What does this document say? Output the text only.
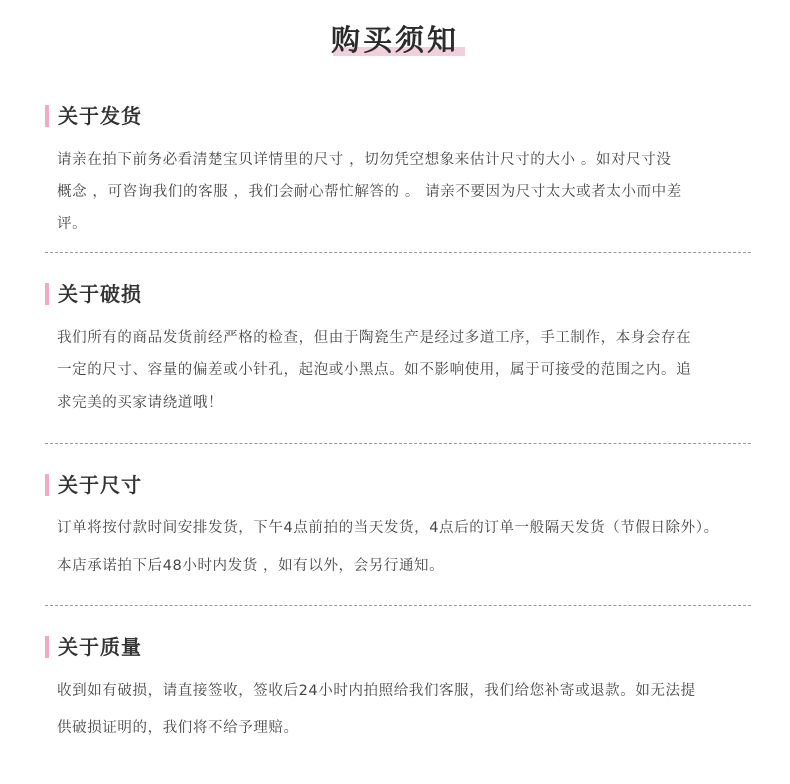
购买须知
关于发货
请亲在拍下前务必看清楚宝贝详情里的尺寸 ，切勿凭空想象来估计尺寸的大小 。如对尺寸没
概念 ，可咨询我们的客服 ，我们会耐心帮忙解答的 。 请亲不要因为尺寸太大或者太小而中差
评。
关于破损
我们所有的商品发货前经严格的检查，但由于陶瓷生产是经过多道工序，手工制作，本身会存在
一定的尺寸、容量的偏差或小针孔，起泡或小黑点。如不影响使用，属于可接受的范围之内。追
求完美的买家请绕道哦！
关于尺寸
订单将按付款时间安排发货，下午4点前拍的当天发货，4点后的订单一般隔天发货（节假日除外）。
本店承诺拍下后48小时内发货 ，如有以外，会另行通知。
关于质量
收到如有破损，请直接签收，签收后24小时内拍照给我们客服，我们给您补寄或退款。如无法提
供破损证明的，我们将不给予理赔。
